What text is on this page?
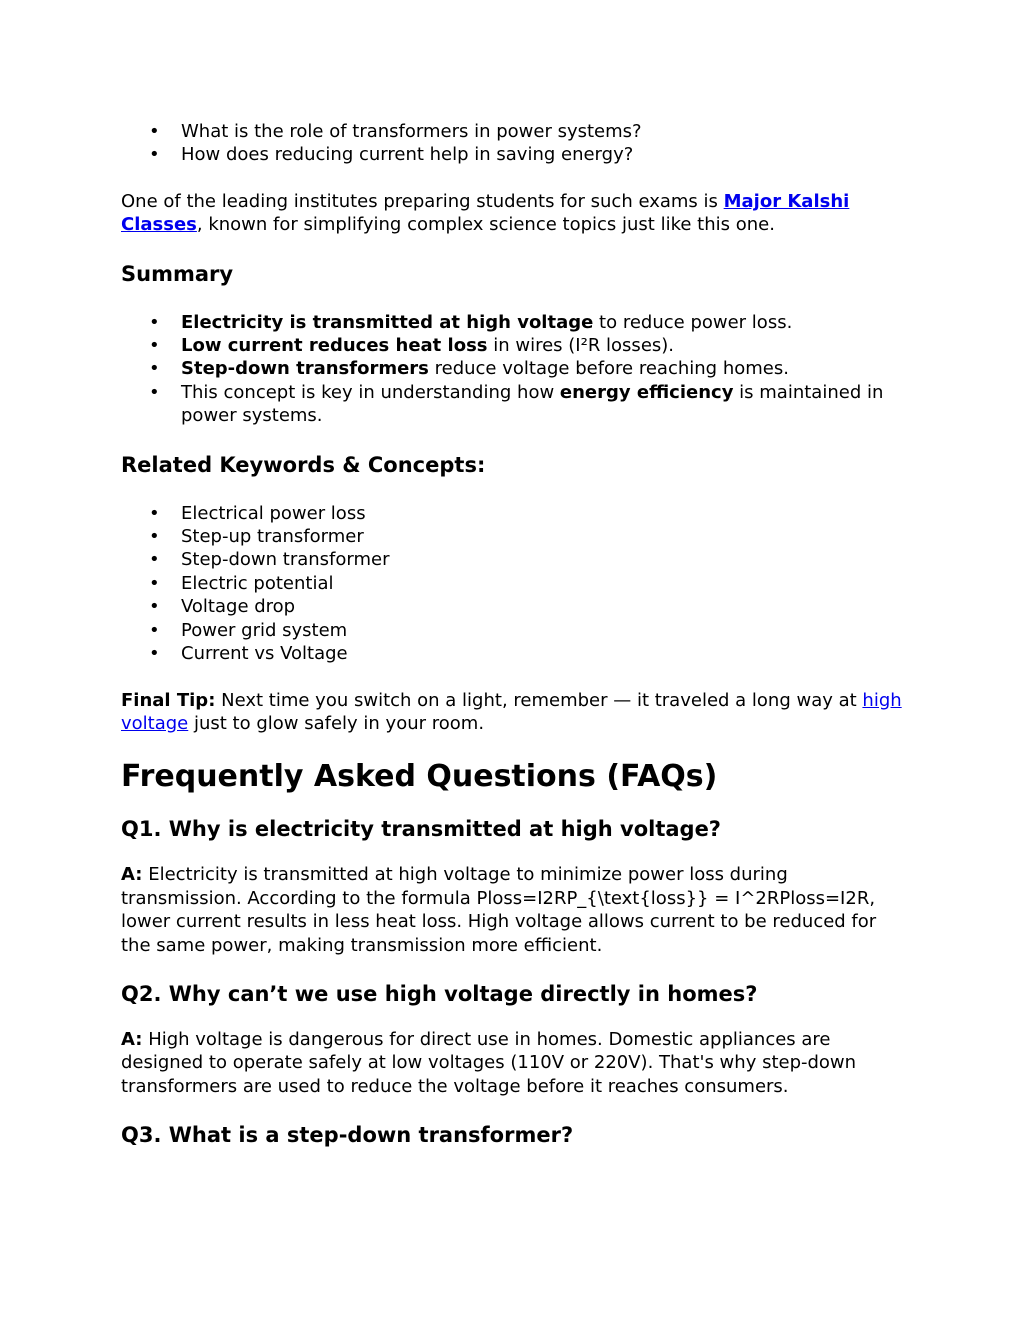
• What is the role of transformers in power systems?
• How does reducing current help in saving energy?

One of the leading institutes preparing students for such exams is Major Kalshi Classes, known for simplifying complex science topics just like this one.

Summary
• Electricity is transmitted at high voltage to reduce power loss.
• Low current reduces heat loss in wires (I²R losses).
• Step-down transformers reduce voltage before reaching homes.
• This concept is key in understanding how energy efficiency is maintained in power systems.
Related Keywords & Concepts:
• Electrical power loss
• Step-up transformer
• Step-down transformer
• Electric potential
• Voltage drop
• Power grid system
• Current vs Voltage

Final Tip: Next time you switch on a light, remember — it traveled a long way at high voltage just to glow safely in your room.

Frequently Asked Questions (FAQs)
Q1. Why is electricity transmitted at high voltage?

A: Electricity is transmitted at high voltage to minimize power loss during transmission. According to the formula Ploss=I2RP_{\text{loss}} = I^2RPloss=I2R, lower current results in less heat loss. High voltage allows current to be reduced for the same power, making transmission more efficient.

Q2. Why can’t we use high voltage directly in homes?

A: High voltage is dangerous for direct use in homes. Domestic appliances are designed to operate safely at low voltages (110V or 220V). That's why step-down transformers are used to reduce the voltage before it reaches consumers.

Q3. What is a step-down transformer?
